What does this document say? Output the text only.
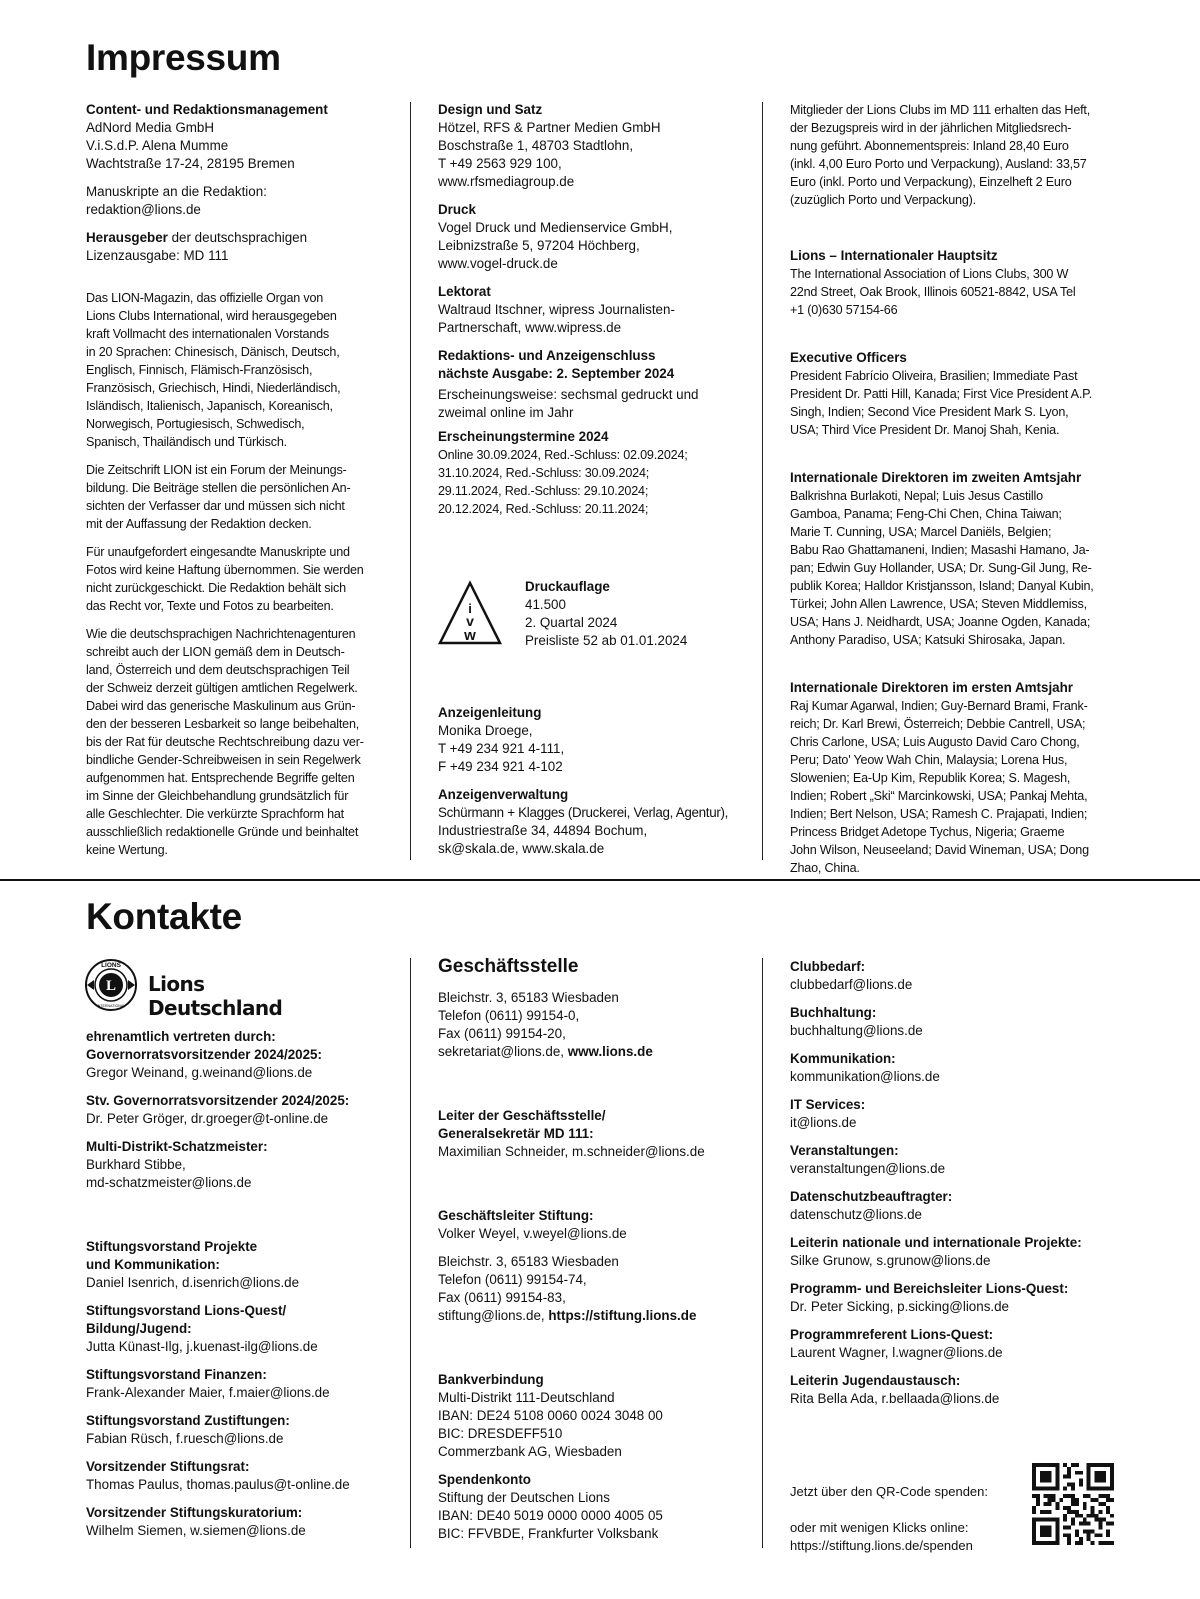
Impressum
Content- und Redaktionsmanagement
AdNord Media GmbH
V.i.S.d.P. Alena Mumme
Wachtstraße 17-24, 28195 Bremen
Manuskripte an die Redaktion:
redaktion@lions.de
Herausgeber der deutschsprachigen
Lizenzausgabe: MD 111
Das LION-Magazin, das offizielle Organ von
Lions Clubs International, wird herausgegeben
kraft Vollmacht des internationalen Vorstands
in 20 Sprachen: Chinesisch, Dänisch, Deutsch,
Englisch, Finnisch, Flämisch-Französisch,
Französisch, Griechisch, Hindi, Niederländisch,
Isländisch, Italienisch, Japanisch, Koreanisch,
Norwegisch, Portugiesisch, Schwedisch,
Spanisch, Thailändisch und Türkisch.
Die Zeitschrift LION ist ein Forum der Meinungs-
bildung. Die Beiträge stellen die persönlichen An-
sichten der Verfasser dar und müssen sich nicht
mit der Auffassung der Redaktion decken.
Für unaufgefordert eingesandte Manuskripte und
Fotos wird keine Haftung übernommen. Sie werden
nicht zurückgeschickt. Die Redaktion behält sich
das Recht vor, Texte und Fotos zu bearbeiten.
Wie die deutschsprachigen Nachrichtenagenturen
schreibt auch der LION gemäß dem in Deutsch-
land, Österreich und dem deutschsprachigen Teil
der Schweiz derzeit gültigen amtlichen Regelwerk.
Dabei wird das generische Maskulinum aus Grün-
den der besseren Lesbarkeit so lange beibehalten,
bis der Rat für deutsche Rechtschreibung dazu ver-
bindliche Gender-Schreibweisen in sein Regelwerk
aufgenommen hat. Entsprechende Begriffe gelten
im Sinne der Gleichbehandlung grundsätzlich für
alle Geschlechter. Die verkürzte Sprachform hat
ausschließlich redaktionelle Gründe und beinhaltet
keine Wertung.
Design und Satz
Hötzel, RFS & Partner Medien GmbH
Boschstraße 1, 48703 Stadtlohn,
T +49 2563 929 100,
www.rfsmediagroup.de
Druck
Vogel Druck und Medienservice GmbH,
Leibnizstraße 5, 97204 Höchberg,
www.vogel-druck.de
Lektorat
Waltraud Itschner, wipress Journalisten-
Partnerschaft, www.wipress.de
Redaktions- und Anzeigenschluss
nächste Ausgabe: 2. September 2024
Erscheinungsweise: sechsmal gedruckt und
zweimal online im Jahr
Erscheinungstermine 2024
Online 30.09.2024, Red.-Schluss: 02.09.2024;
31.10.2024, Red.-Schluss: 30.09.2024;
29.11.2024, Red.-Schluss: 29.10.2024;
20.12.2024, Red.-Schluss: 20.11.2024;
i
v
w
Druckauflage
41.500
2. Quartal 2024
Preisliste 52 ab 01.01.2024
Anzeigenleitung
Monika Droege,
T +49 234 921 4-111,
F +49 234 921 4-102
Anzeigenverwaltung
Schürmann + Klagges (Druckerei, Verlag, Agentur),
Industriestraße 34, 44894 Bochum,
sk@skala.de, www.skala.de
Mitglieder der Lions Clubs im MD 111 erhalten das Heft,
der Bezugspreis wird in der jährlichen Mitgliedsrech-
nung geführt. Abonnementspreis: Inland 28,40 Euro
(inkl. 4,00 Euro Porto und Verpackung), Ausland: 33,57
Euro (inkl. Porto und Verpackung), Einzelheft 2 Euro
(zuzüglich Porto und Verpackung).
Lions – Internationaler Hauptsitz
The International Association of Lions Clubs, 300 W
22nd Street, Oak Brook, Illinois 60521-8842, USA Tel
+1 (0)630 57154-66
Executive Officers
President Fabrício Oliveira, Brasilien; Immediate Past
President Dr. Patti Hill, Kanada; First Vice President A.P.
Singh, Indien; Second Vice President Mark S. Lyon,
USA; Third Vice President Dr. Manoj Shah, Kenia.
Internationale Direktoren im zweiten Amtsjahr
Balkrishna Burlakoti, Nepal; Luis Jesus Castillo
Gamboa, Panama; Feng-Chi Chen, China Taiwan;
Marie T. Cunning, USA; Marcel Daniëls, Belgien;
Babu Rao Ghattamaneni, Indien; Masashi Hamano, Ja-
pan; Edwin Guy Hollander, USA; Dr. Sung-Gil Jung, Re-
publik Korea; Halldor Kristjansson, Island; Danyal Kubin,
Türkei; John Allen Lawrence, USA; Steven Middlemiss,
USA; Hans J. Neidhardt, USA; Joanne Ogden, Kanada;
Anthony Paradiso, USA; Katsuki Shirosaka, Japan.
Internationale Direktoren im ersten Amtsjahr
Raj Kumar Agarwal, Indien; Guy-Bernard Brami, Frank-
reich; Dr. Karl Brewi, Österreich; Debbie Cantrell, USA;
Chris Carlone, USA; Luis Augusto David Caro Chong,
Peru; Dato' Yeow Wah Chin, Malaysia; Lorena Hus,
Slowenien; Ea-Up Kim, Republik Korea; S. Magesh,
Indien; Robert „Ski“ Marcinkowski, USA; Pankaj Mehta,
Indien; Bert Nelson, USA; Ramesh C. Prajapati, Indien;
Princess Bridget Adetope Tychus, Nigeria; Graeme
John Wilson, Neuseeland; David Wineman, USA; Dong
Zhao, China.
Kontakte
L
LIONS
INTERNATIONAL
Lions Deutschland
ehrenamtlich vertreten durch:
Governorratsvorsitzender 2024/2025:
Gregor Weinand, g.weinand@lions.de
Stv. Governorratsvorsitzender 2024/2025:
Dr. Peter Gröger, dr.groeger@t-online.de
Multi-Distrikt-Schatzmeister:
Burkhard Stibbe,
md-schatzmeister@lions.de
Stiftungsvorstand Projekte
und Kommunikation:
Daniel Isenrich, d.isenrich@lions.de
Stiftungsvorstand Lions-Quest/
Bildung/Jugend:
Jutta Künast-Ilg, j.kuenast-ilg@lions.de
Stiftungsvorstand Finanzen:
Frank-Alexander Maier, f.maier@lions.de
Stiftungsvorstand Zustiftungen:
Fabian Rüsch, f.ruesch@lions.de
Vorsitzender Stiftungsrat:
Thomas Paulus, thomas.paulus@t-online.de
Vorsitzender Stiftungskuratorium:
Wilhelm Siemen, w.siemen@lions.de
Geschäftsstelle
Bleichstr. 3, 65183 Wiesbaden
Telefon (0611) 99154-0,
Fax (0611) 99154-20,
sekretariat@lions.de, www.lions.de
Leiter der Geschäftsstelle/
Generalsekretär MD 111:
Maximilian Schneider, m.schneider@lions.de
Geschäftsleiter Stiftung:
Volker Weyel, v.weyel@lions.de
Bleichstr. 3, 65183 Wiesbaden
Telefon (0611) 99154-74,
Fax (0611) 99154-83,
stiftung@lions.de, https://stiftung.lions.de
Bankverbindung
Multi-Distrikt 111-Deutschland
IBAN: DE24 5108 0060 0024 3048 00
BIC: DRESDEFF510
Commerzbank AG, Wiesbaden
Spendenkonto
Stiftung der Deutschen Lions
IBAN: DE40 5019 0000 0000 4005 05
BIC: FFVBDE, Frankfurter Volksbank
Clubbedarf:
clubbedarf@lions.de
Buchhaltung:
buchhaltung@lions.de
Kommunikation:
kommunikation@lions.de
IT Services:
it@lions.de
Veranstaltungen:
veranstaltungen@lions.de
Datenschutzbeauftragter:
datenschutz@lions.de
Leiterin nationale und internationale Projekte:
Silke Grunow, s.grunow@lions.de
Programm- und Bereichsleiter Lions-Quest:
Dr. Peter Sicking, p.sicking@lions.de
Programmreferent Lions-Quest:
Laurent Wagner, l.wagner@lions.de
Leiterin Jugendaustausch:
Rita Bella Ada, r.bellaada@lions.de
Jetzt über den QR-Code spenden:
oder mit wenigen Klicks online:
https://stiftung.lions.de/spenden
